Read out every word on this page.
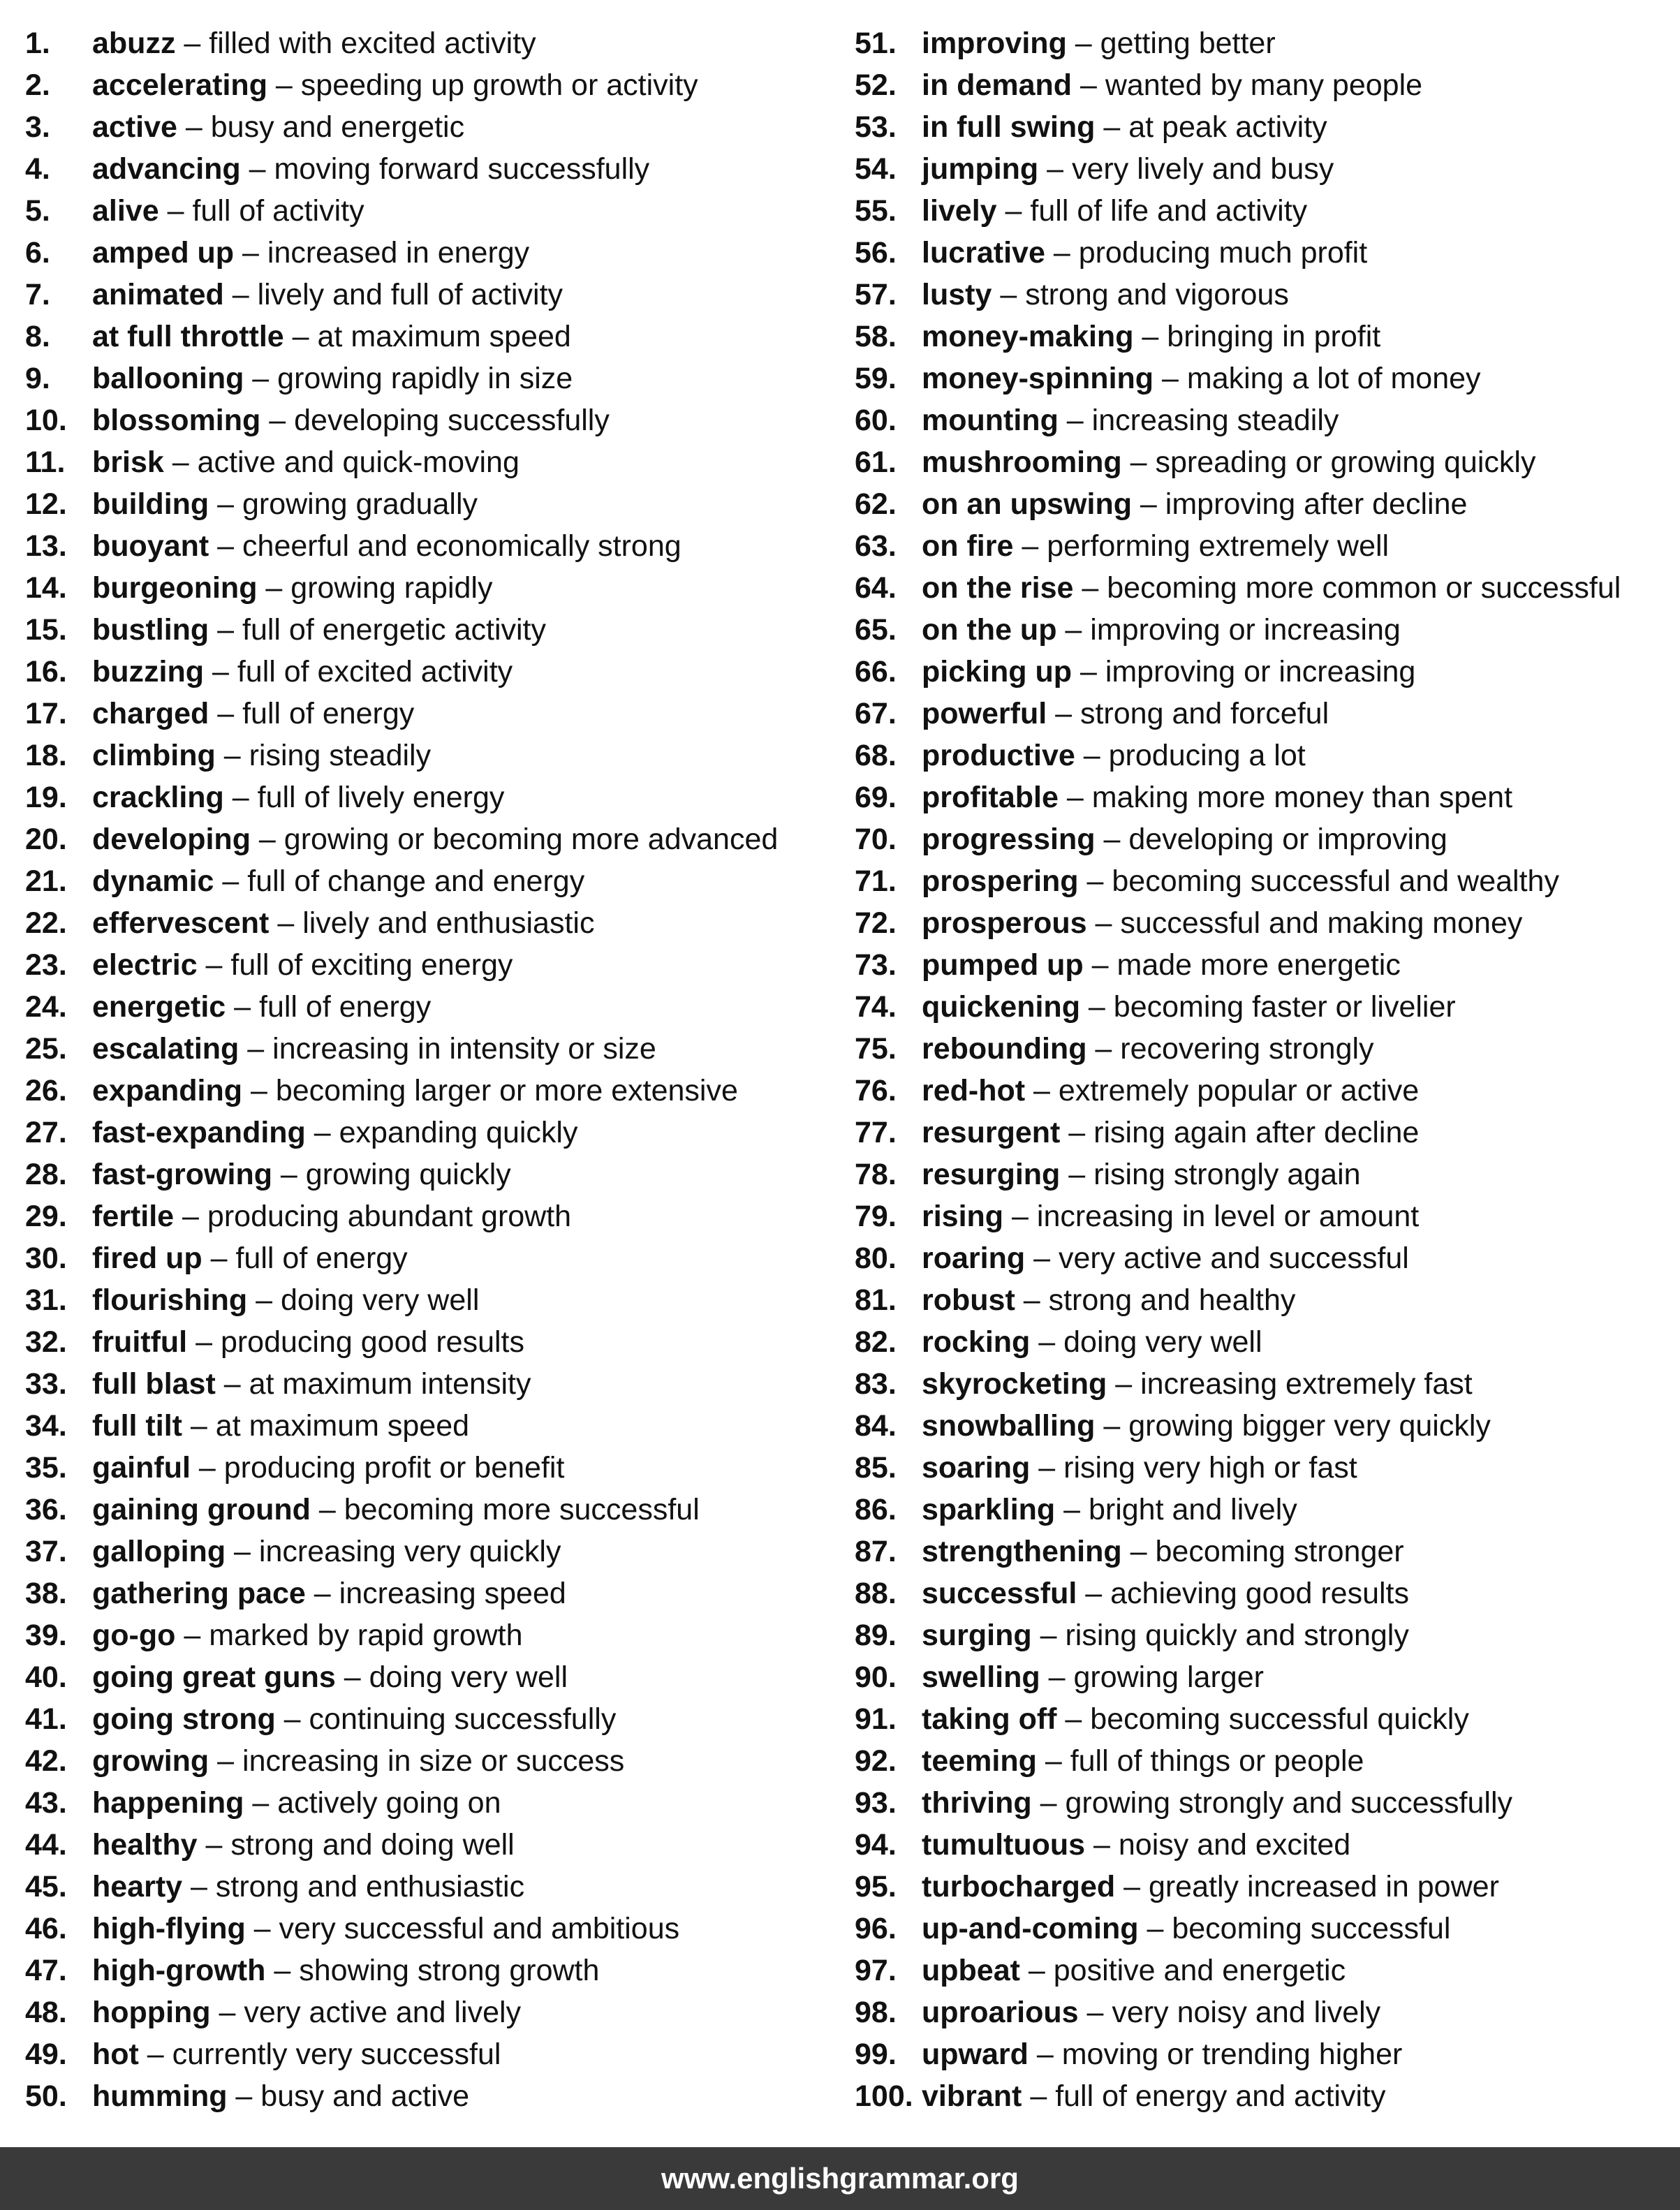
1.	abuzz – filled with excited activity
2.	accelerating – speeding up growth or activity
3.	active – busy and energetic
4.	advancing – moving forward successfully
5.	alive – full of activity
6.	amped up – increased in energy
7.	animated – lively and full of activity
8.	at full throttle – at maximum speed
9.	ballooning – growing rapidly in size
10. blossoming – developing successfully
11. brisk – active and quick-moving
12. building – growing gradually
13. buoyant – cheerful and economically strong
14. burgeoning – growing rapidly
15. bustling – full of energetic activity
16. buzzing – full of excited activity
17. charged – full of energy
18. climbing – rising steadily
19. crackling – full of lively energy
20. developing – growing or becoming more advanced
21. dynamic – full of change and energy
22. effervescent – lively and enthusiastic
23. electric – full of exciting energy
24. energetic – full of energy
25. escalating – increasing in intensity or size
26. expanding – becoming larger or more extensive
27. fast-expanding – expanding quickly
28. fast-growing – growing quickly
29. fertile – producing abundant growth
30. fired up – full of energy
31. flourishing – doing very well
32. fruitful – producing good results
33. full blast – at maximum intensity
34. full tilt – at maximum speed
35. gainful – producing profit or benefit
36. gaining ground – becoming more successful
37. galloping – increasing very quickly
38. gathering pace – increasing speed
39. go-go – marked by rapid growth
40. going great guns – doing very well
41. going strong – continuing successfully
42. growing – increasing in size or success
43. happening – actively going on
44. healthy – strong and doing well
45. hearty – strong and enthusiastic
46. high-flying – very successful and ambitious
47. high-growth – showing strong growth
48. hopping – very active and lively
49. hot – currently very successful
50. humming – busy and active
51. improving – getting better
52. in demand – wanted by many people
53. in full swing – at peak activity
54. jumping – very lively and busy
55. lively – full of life and activity
56. lucrative – producing much profit
57. lusty – strong and vigorous
58. money-making – bringing in profit
59. money-spinning – making a lot of money
60. mounting – increasing steadily
61. mushrooming – spreading or growing quickly
62. on an upswing – improving after decline
63. on fire – performing extremely well
64. on the rise – becoming more common or successful
65. on the up – improving or increasing
66. picking up – improving or increasing
67. powerful – strong and forceful
68. productive – producing a lot
69. profitable – making more money than spent
70. progressing – developing or improving
71. prospering – becoming successful and wealthy
72. prosperous – successful and making money
73. pumped up – made more energetic
74. quickening – becoming faster or livelier
75. rebounding – recovering strongly
76. red-hot – extremely popular or active
77. resurgent – rising again after decline
78. resurging – rising strongly again
79. rising – increasing in level or amount
80. roaring – very active and successful
81. robust – strong and healthy
82. rocking – doing very well
83. skyrocketing – increasing extremely fast
84. snowballing – growing bigger very quickly
85. soaring – rising very high or fast
86. sparkling – bright and lively
87. strengthening – becoming stronger
88. successful – achieving good results
89. surging – rising quickly and strongly
90. swelling – growing larger
91. taking off – becoming successful quickly
92. teeming – full of things or people
93. thriving – growing strongly and successfully
94. tumultuous – noisy and excited
95. turbocharged – greatly increased in power
96. up-and-coming – becoming successful
97. upbeat – positive and energetic
98. uproarious – very noisy and lively
99. upward – moving or trending higher
100. vibrant – full of energy and activity
www.englishgrammar.org
